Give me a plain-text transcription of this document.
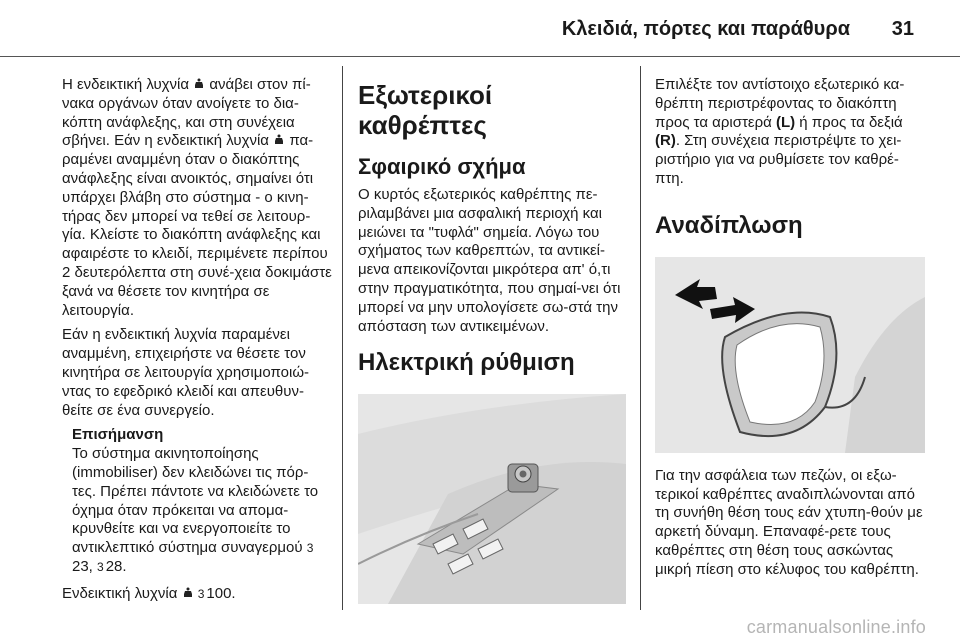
Κλειδιά, πόρτες και παράθυρα 31

Η ενδεικτική λυχνία  ανάβει στον πί-νακα οργάνων όταν ανοίγετε το δια-κόπτη ανάφλεξης, και στη συνέχεια σβήνει. Εάν η ενδεικτική λυχνία  πα-ραμένει αναμμένη όταν ο διακόπτης ανάφλεξης είναι ανοικτός, σημαίνει ότι υπάρχει βλάβη στο σύστημα - ο κινη-τήρας δεν μπορεί να τεθεί σε λειτουρ-γία. Κλείστε το διακόπτη ανάφλεξης και αφαιρέστε το κλειδί, περιμένετε περίπου 2 δευτερόλεπτα στη συνέ-χεια δοκιμάστε ξανά να θέσετε τον κινητήρα σε λειτουργία.

Εάν η ενδεικτική λυχνία παραμένει αναμμένη, επιχειρήστε να θέσετε τον κινητήρα σε λειτουργία χρησιμοποιώ-ντας το εφεδρικό κλειδί και απευθυν-θείτε σε ένα συνεργείο.

Επισήμανση
Το σύστημα ακινητοποίησης (immobiliser) δεν κλειδώνει τις πόρ-τες. Πρέπει πάντοτε να κλειδώνετε το όχημα όταν πρόκειται να απομα-κρυνθείτε και να ενεργοποιείτε το αντικλεπτικό σύστημα συναγερμού 323, 3 28.

Ενδεικτική λυχνία  3 100.

Εξωτερικοί καθρέπτες
Σφαιρικό σχήμα

Ο κυρτός εξωτερικός καθρέπτης πε-ριλαμβάνει μια ασφαλική περιοχή και μειώνει τα "τυφλά" σημεία. Λόγω του σχήματος των καθρεπτών, τα αντικεί-μενα απεικονίζονται μικρότερα απ' ό,τι στην πραγματικότητα, που σημαί-νει ότι μπορεί να μην υπολογίσετε σω-στά την απόσταση των αντικειμένων.

Ηλεκτρική ρύθμιση

Επιλέξτε τον αντίστοιχο εξωτερικό κα-θρέπτη περιστρέφοντας το διακόπτη προς τα αριστερά (L) ή προς τα δεξιά (R). Στη συνέχεια περιστρέψτε το χει-ριστήριο για να ρυθμίσετε τον καθρέ-πτη.

Αναδίπλωση

Για την ασφάλεια των πεζών, οι εξω-τερικοί καθρέπτες αναδιπλώνονται από τη συνήθη θέση τους εάν χτυπη-θούν με αρκετή δύναμη. Επαναφέ-ρετε τους καθρέπτες στη θέση τους ασκώντας μικρή πίεση στο κέλυφος του καθρέπτη.

carmanualsonline.info
